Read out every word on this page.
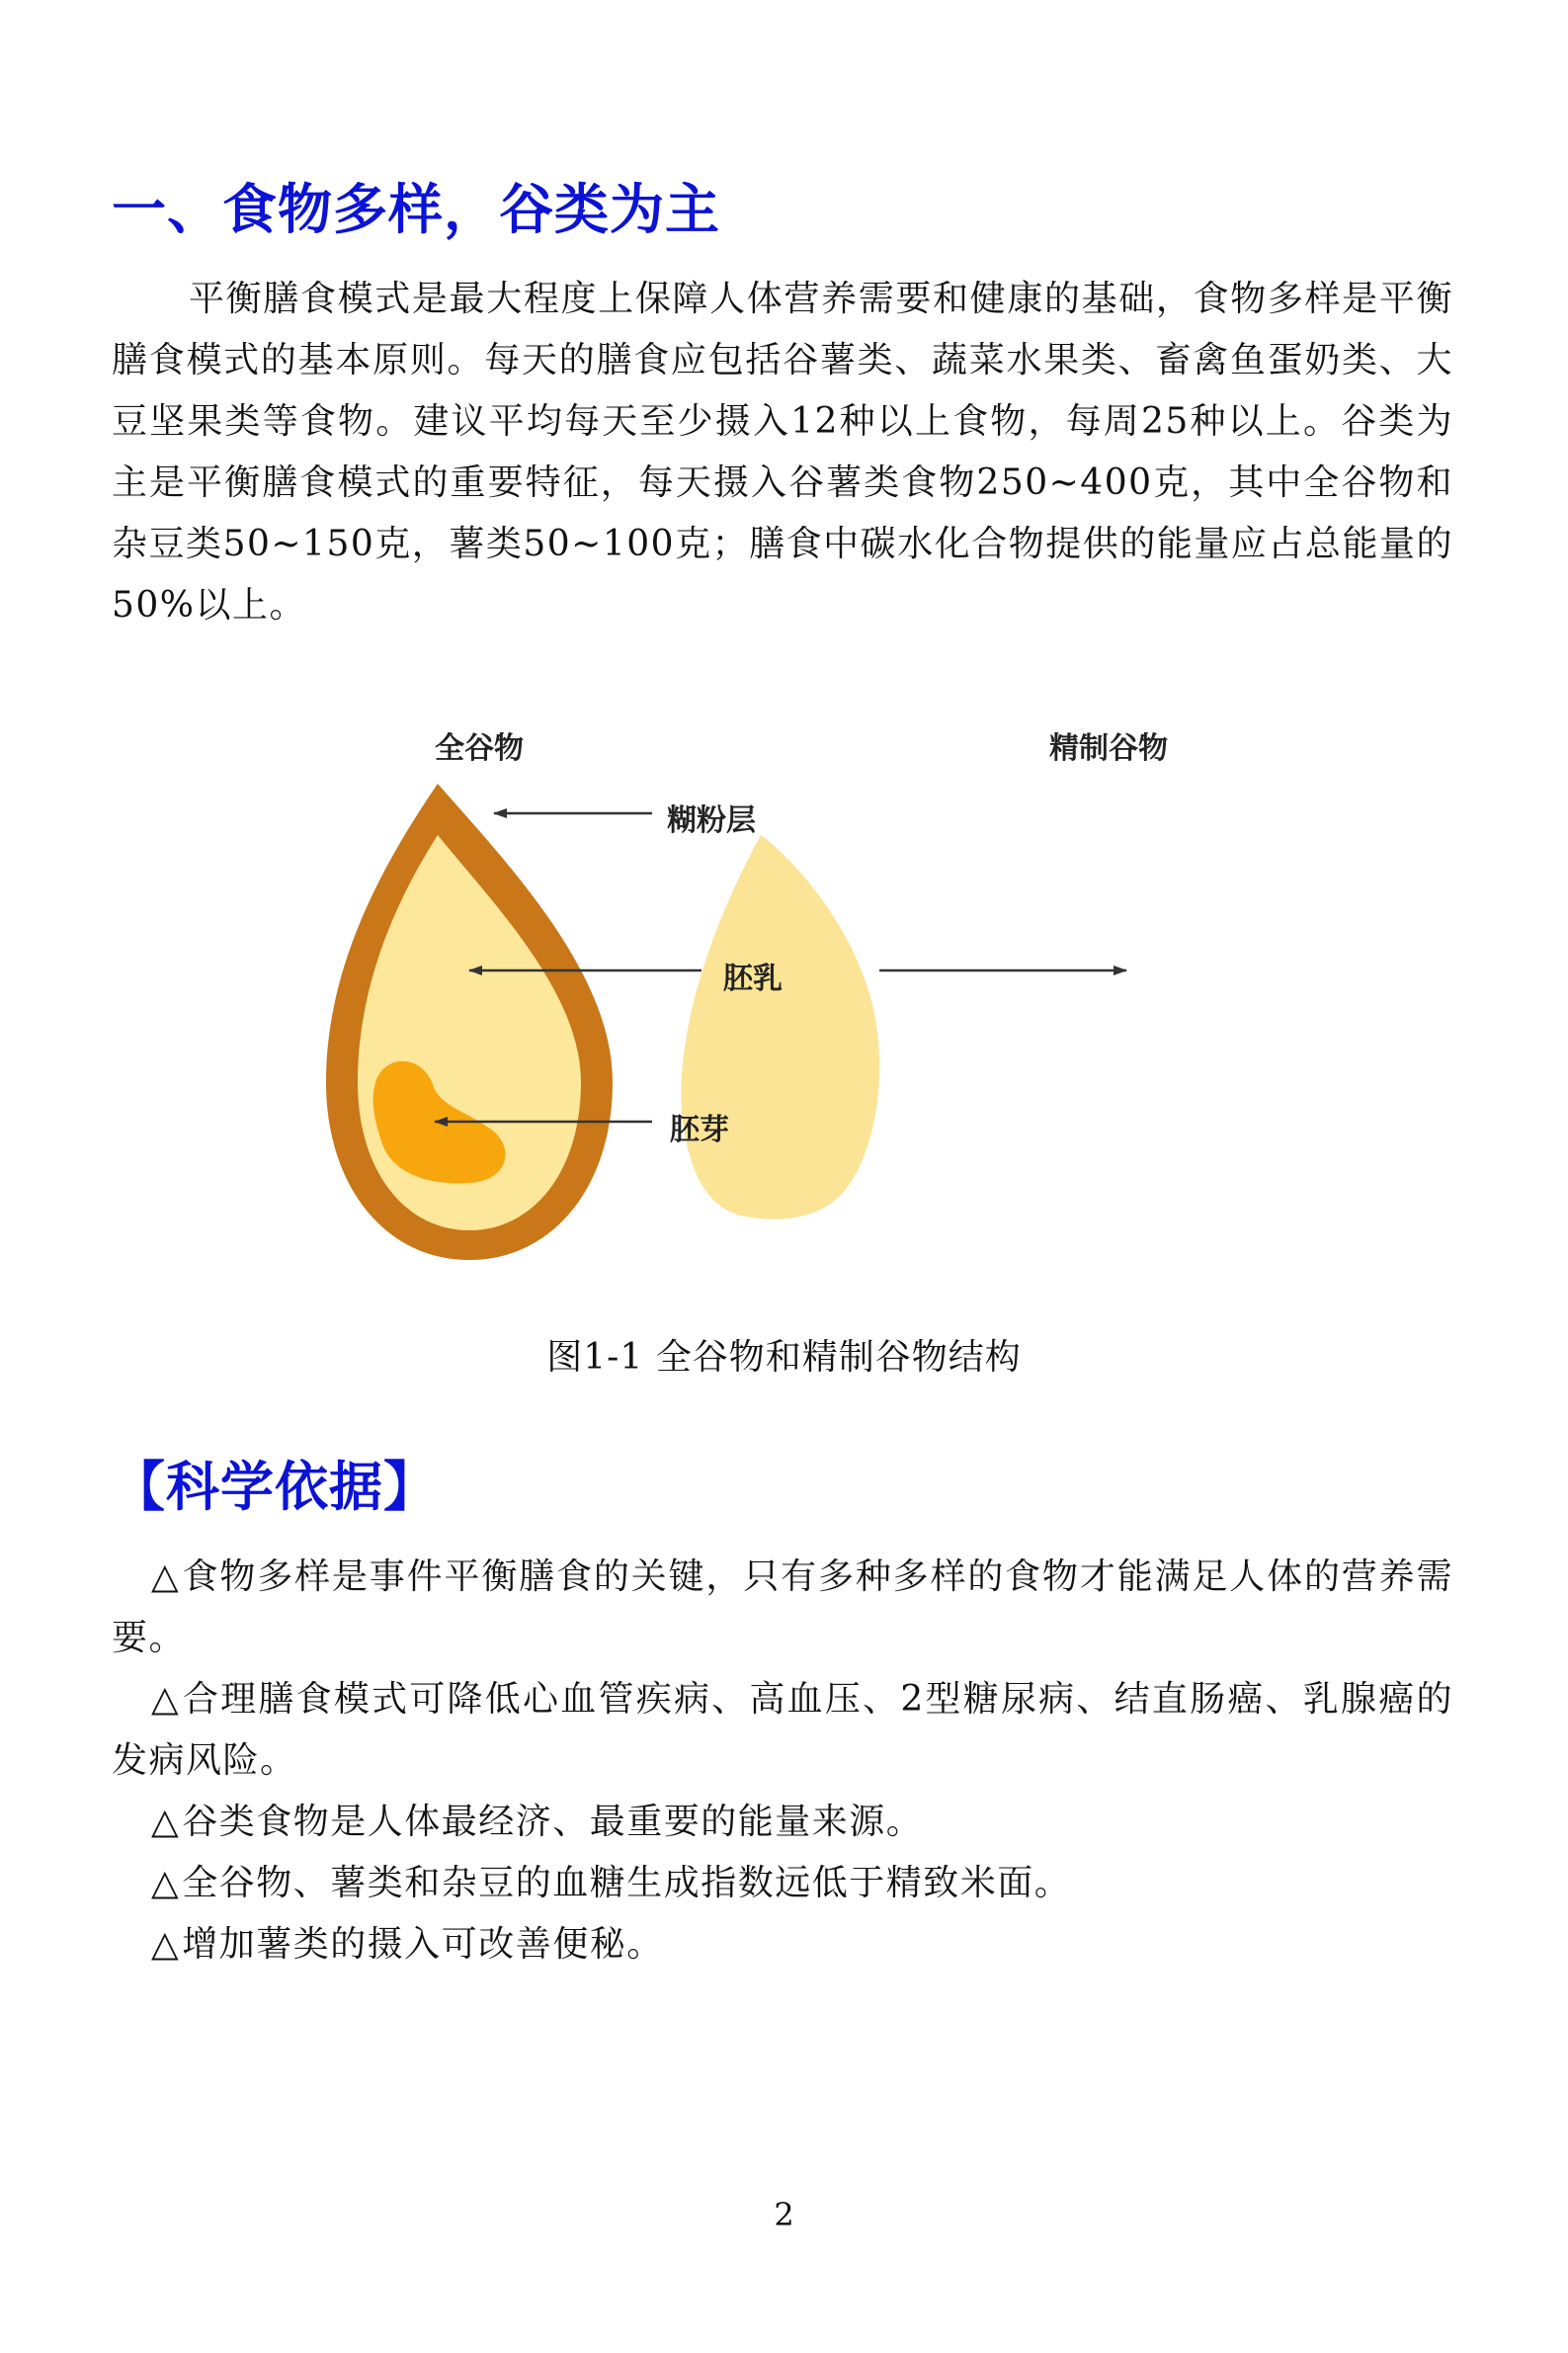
一、食物多样，谷类为主

平衡膳食模式是最大程度上保障人体营养需要和健康的基础，食物多样是平衡膳食模式的基本原则。每天的膳食应包括谷薯类、蔬菜水果类、畜禽鱼蛋奶类、大豆坚果类等食物。建议平均每天至少摄入12种以上食物，每周25种以上。谷类为主是平衡膳食模式的重要特征，每天摄入谷薯类食物250~400克，其中全谷物和杂豆类50~150克，薯类50~100克；膳食中碳水化合物提供的能量应占总能量的50%以上。

全谷物	精制谷物
糊粉层
胚乳
胚芽
图1-1 全谷物和精制谷物结构
【科学依据】

△食物多样是事件平衡膳食的关键，只有多种多样的食物才能满足人体的营养需要。

△合理膳食模式可降低心血管疾病、高血压、2型糖尿病、结直肠癌、乳腺癌的发病风险。

△谷类食物是人体最经济、最重要的能量来源。

△全谷物、薯类和杂豆的血糖生成指数远低于精致米面。

△增加薯类的摄入可改善便秘。

2
